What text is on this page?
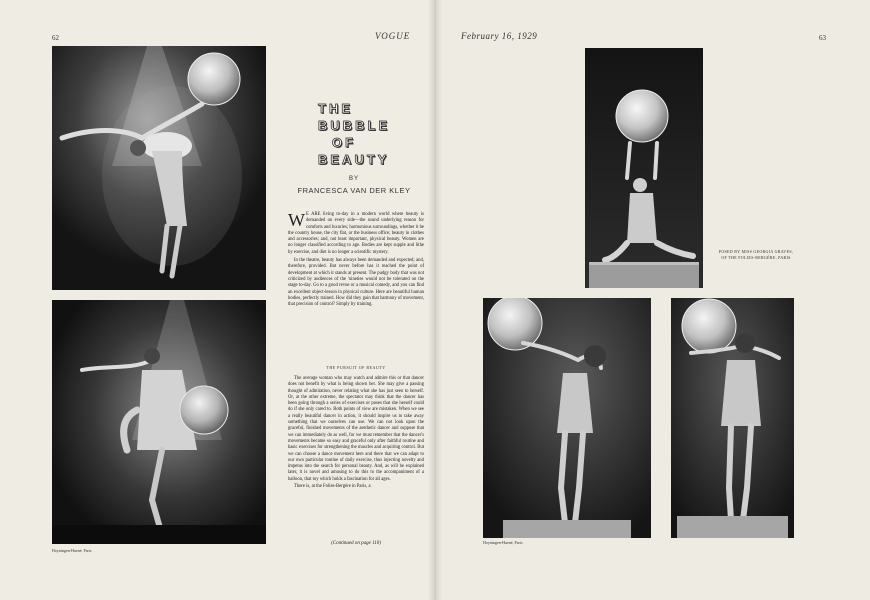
62	VOGUE
Hoyningen-Huené, Paris
THE
BUBBLE
OF
BEAUTY
BY
FRANCESCA VAN DER KLEY

W E ARE living to-day in a modern world where beauty is demanded on every side—the sound underlying reason for comforts and luxuries; harmonious surroundings, whether it be the country house, the city flat, or the business office; beauty in clothes and accessories; and, not least important, physical beauty. Women are no longer classified according to age. Bodies are kept supple and lithe by exercise, and diet is no longer a scientific mystery.

In the theatre, beauty has always been demanded and expected; and, therefore, provided. But never before has it reached the point of development at which it stands at present. The pudgy body that was not criticized by audiences of the 'nineties would not be tolerated on the stage to-day. Go to a good revue or a musical comedy, and you can find an excellent object-lesson in physical culture. Here are beautiful human bodies, perfectly trained. How did they gain that harmony of movement, that precision of control? Simply by training.

THE PURSUIT OF BEAUTY

The average woman who may watch and admire this or that dancer does not benefit by what is being shown her. She may give a passing thought of admiration, never relating what she has just seen to herself. Or, at the other extreme, the spectator may think that the dancer has been going through a series of exercises or poses that she herself could do if she only cared to. Both points of view are mistaken. When we see a really beautiful dancer in action, it should inspire us to take away something that we ourselves can use. We can not look upon the graceful, finished movements of the aesthetic dancer and suppose that we can immediately do as well, for we must remember that the dancer's movements became so easy and graceful only after faithful routine and basic exercises for strengthening the muscles and acquiring control. But we can choose a dance movement here and there that we can adapt to our own particular routine of daily exercise, thus injecting novelty and impetus into the search for personal beauty. And, as will be explained later, it is novel and amusing to do this to the accompaniment of a balloon, that toy which holds a fascination for all ages.

There is, at the Folies-Bergère in Paris, a

(Continued on page 110)
February 16, 1929	63
POSED BY MISS GEORGIA GRAVES, OF THE FOLIES-BERGÈRE, PARIS
Hoyningen-Huené, Paris
